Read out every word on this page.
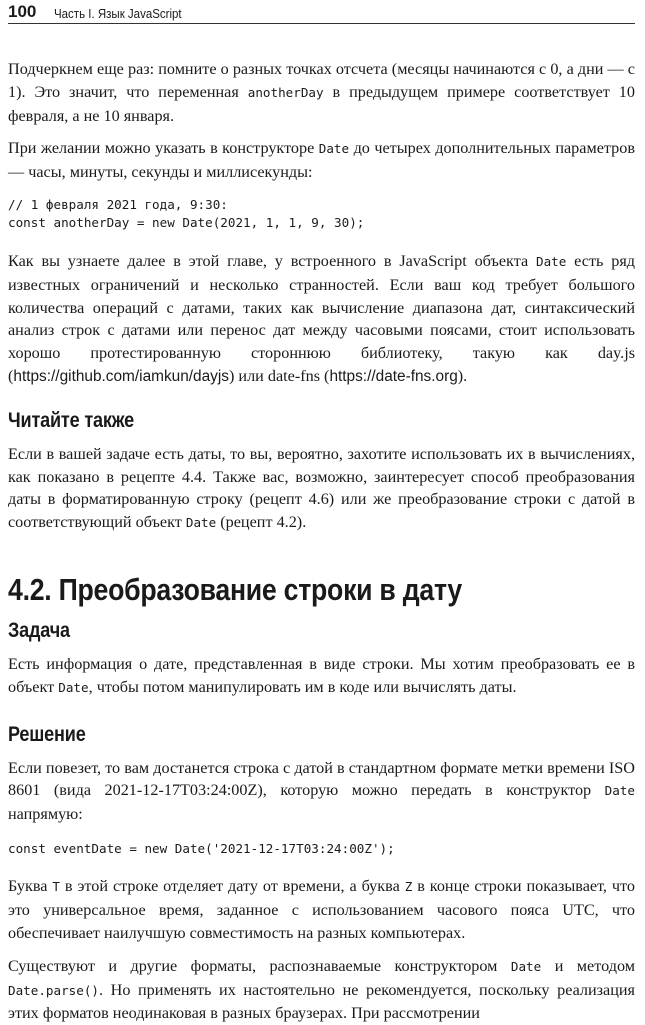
100 Часть I. Язык JavaScript

Подчеркнем еще раз: помните о разных точках отсчета (месяцы начинаются с 0, а дни — с 1). Это значит, что переменная anotherDay в предыдущем примере соответствует 10 февраля, а не 10 января.

При желании можно указать в конструкторе Date до четырех дополнительных параметров — часы, минуты, секунды и миллисекунды:

// 1 февраля 2021 года, 9:30:
const anotherDay = new Date(2021, 1, 1, 9, 30);

Как вы узнаете далее в этой главе, у встроенного в JavaScript объекта Date есть ряд известных ограничений и несколько странностей. Если ваш код требует большого количества операций с датами, таких как вычисление диапазона дат, синтаксический анализ строк с датами или перенос дат между часовыми поясами, стоит использовать хорошо протестированную стороннюю библиотеку, такую как day.js (https://github.com/iamkun/dayjs) или date-fns (https://date-fns.org).

Читайте также

Если в вашей задаче есть даты, то вы, вероятно, захотите использовать их в вычислениях, как показано в рецепте 4.4. Также вас, возможно, заинтересует способ преобразования даты в форматированную строку (рецепт 4.6) или же преобразование строки с датой в соответствующий объект Date (рецепт 4.2).

4.2. Преобразование строки в дату
Задача

Есть информация о дате, представленная в виде строки. Мы хотим преобразовать ее в объект Date, чтобы потом манипулировать им в коде или вычислять даты.

Решение

Если повезет, то вам достанется строка с датой в стандартном формате метки времени ISO 8601 (вида 2021-12-17T03:24:00Z), которую можно передать в конструктор Date напрямую:

const eventDate = new Date('2021-12-17T03:24:00Z');

Буква T в этой строке отделяет дату от времени, а буква Z в конце строки показывает, что это универсальное время, заданное с использованием часового пояса UTC, что обеспечивает наилучшую совместимость на разных компьютерах.

Существуют и другие форматы, распознаваемые конструктором Date и методом Date.parse(). Но применять их настоятельно не рекомендуется, поскольку реализация этих форматов неодинаковая в разных браузерах. При рассмотрении
